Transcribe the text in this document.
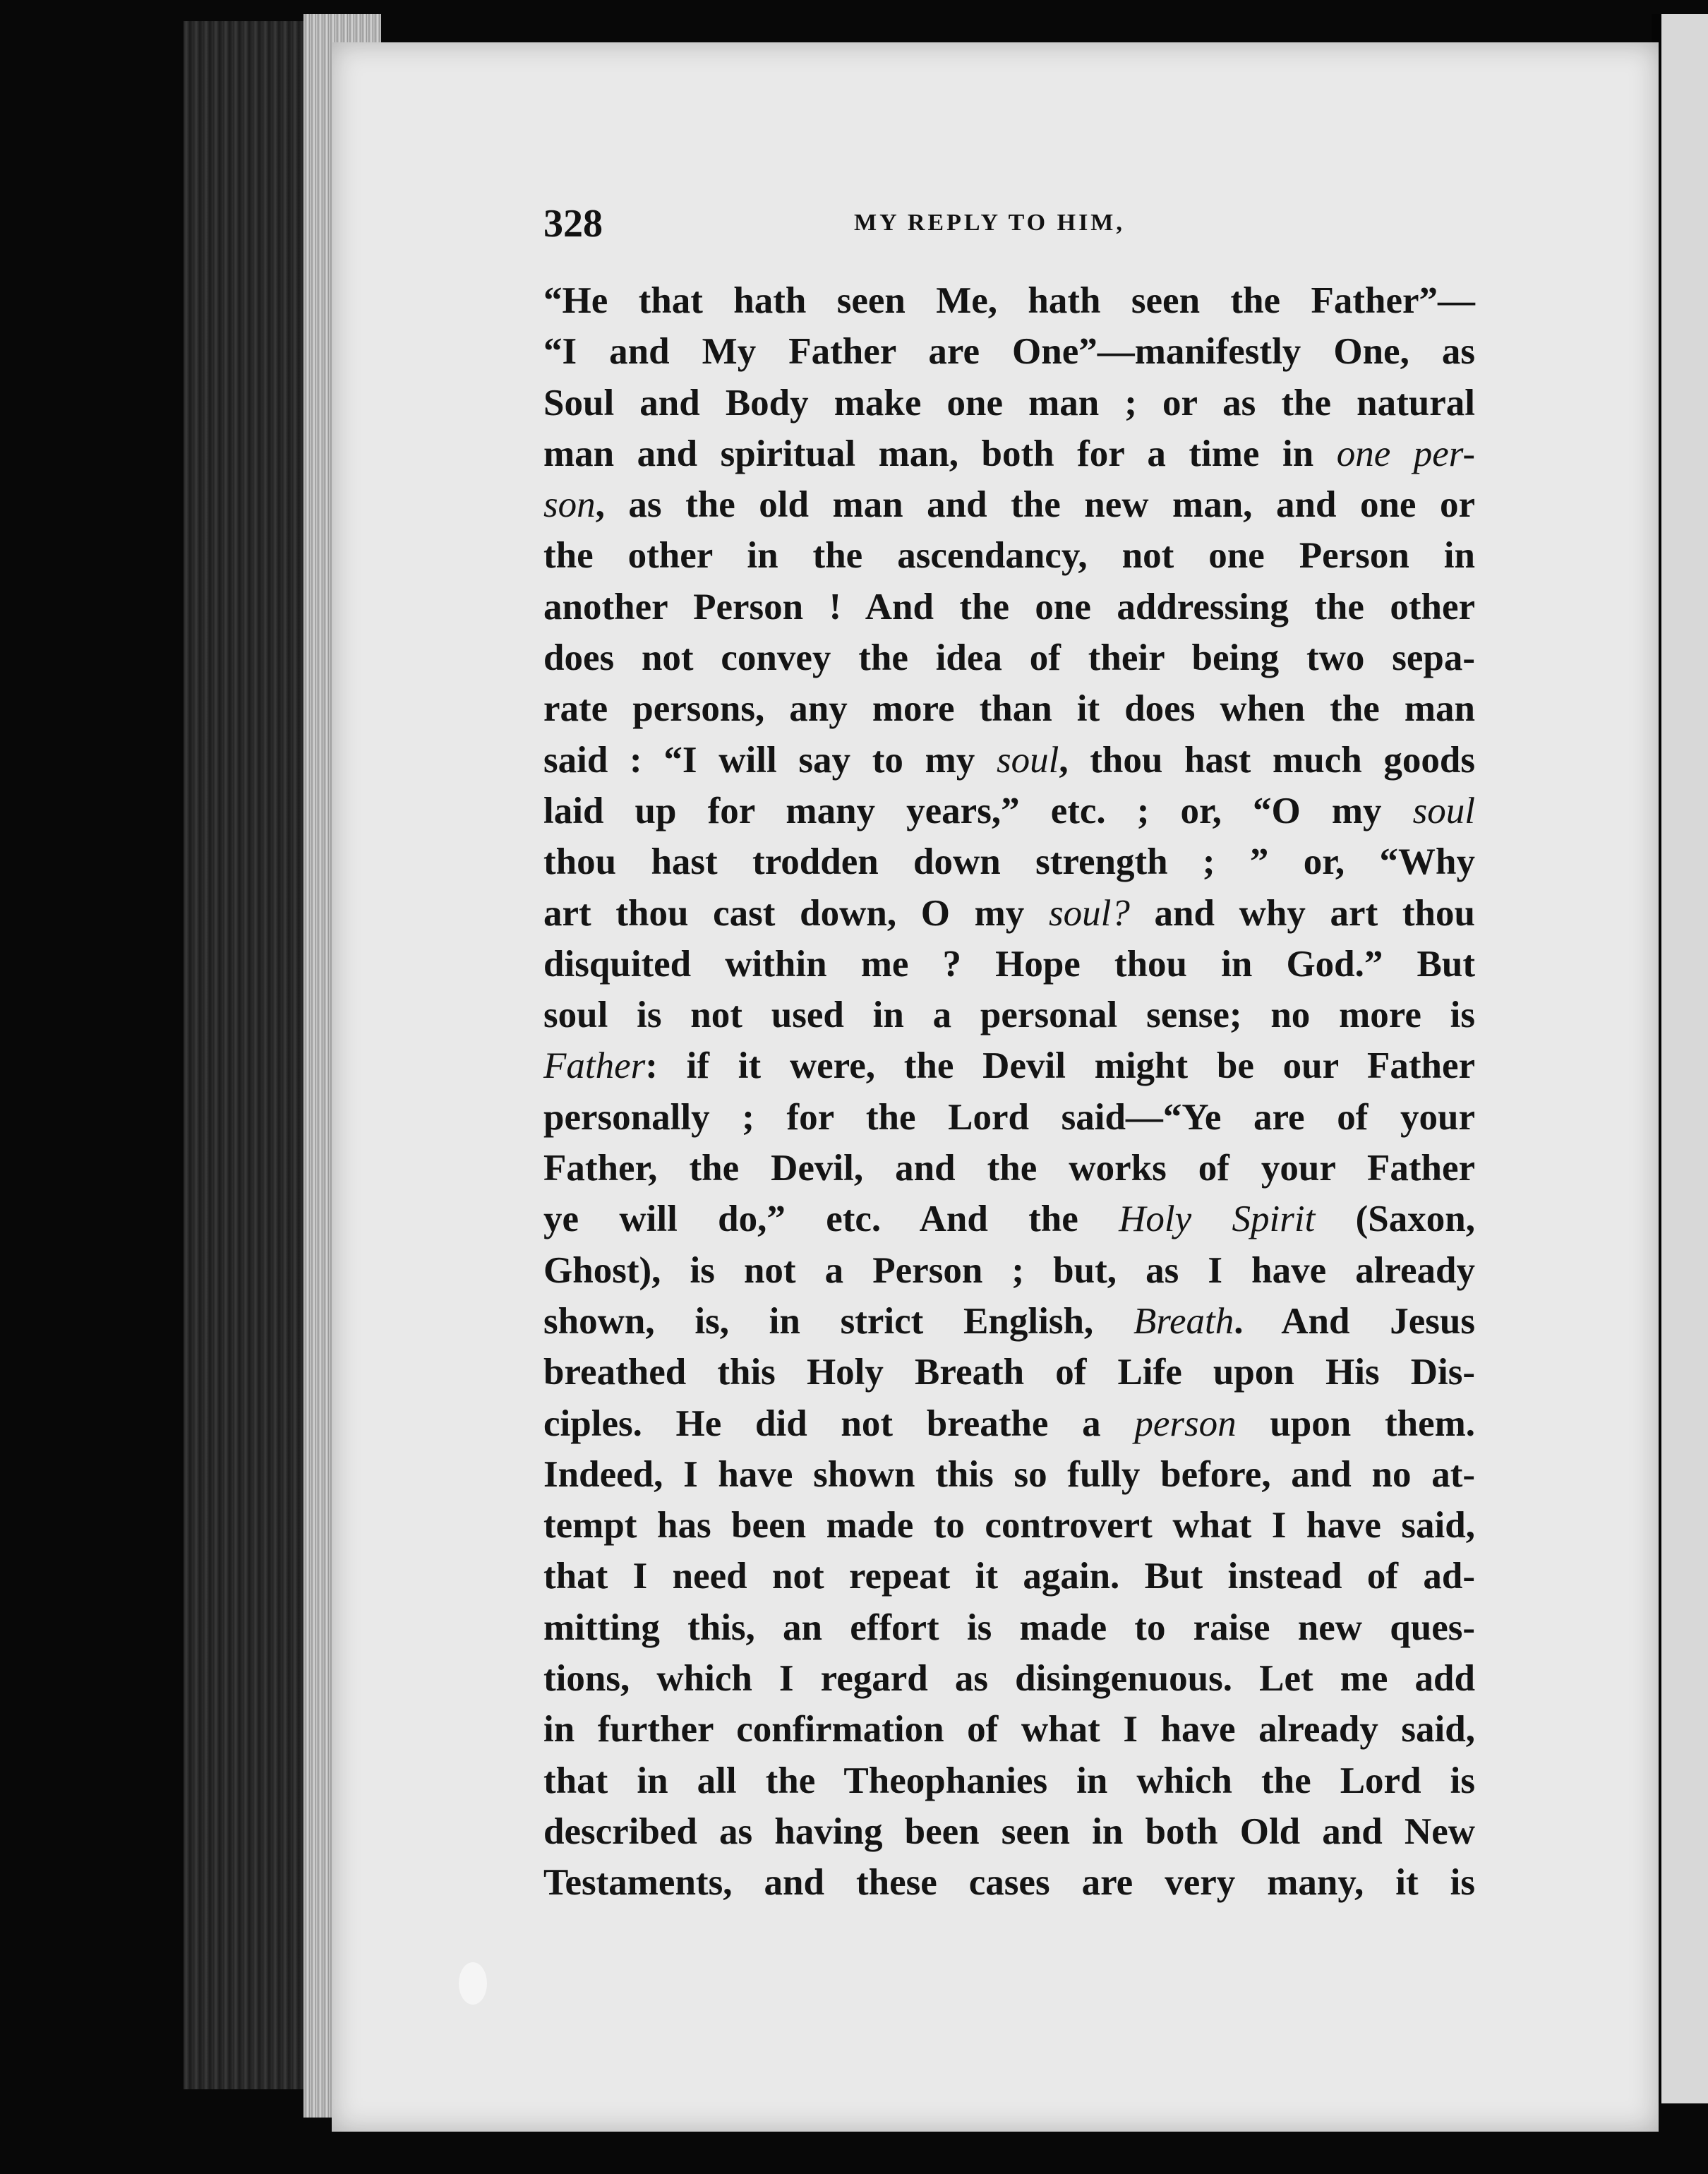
328	MY REPLY TO HIM,
“He that hath seen Me, hath seen the Father”—
“I and My Father are One”—manifestly One, as
Soul and Body make one man ; or as the natural
man and spiritual man, both for a time in one per-
son, as the old man and the new man, and one or
the other in the ascendancy, not one Person in
another Person ! And the one addressing the other
does not convey the idea of their being two sepa-
rate persons, any more than it does when the man
said : “I will say to my soul, thou hast much goods
laid up for many years,” etc. ; or, “O my soul
thou hast trodden down strength ; ” or, “Why
art thou cast down, O my soul? and why art thou
disquited within me ? Hope thou in God.” But
soul is not used in a personal sense; no more is
Father: if it were, the Devil might be our Father
personally ; for the Lord said—“Ye are of your
Father, the Devil, and the works of your Father
ye will do,” etc. And the Holy Spirit (Saxon,
Ghost), is not a Person ; but, as I have already
shown, is, in strict English, Breath. And Jesus
breathed this Holy Breath of Life upon His Dis-
ciples. He did not breathe a person upon them.
Indeed, I have shown this so fully before, and no at-
tempt has been made to controvert what I have said,
that I need not repeat it again. But instead of ad-
mitting this, an effort is made to raise new ques-
tions, which I regard as disingenuous. Let me add
in further confirmation of what I have already said,
that in all the Theophanies in which the Lord is
described as having been seen in both Old and New
Testaments, and these cases are very many, it is
